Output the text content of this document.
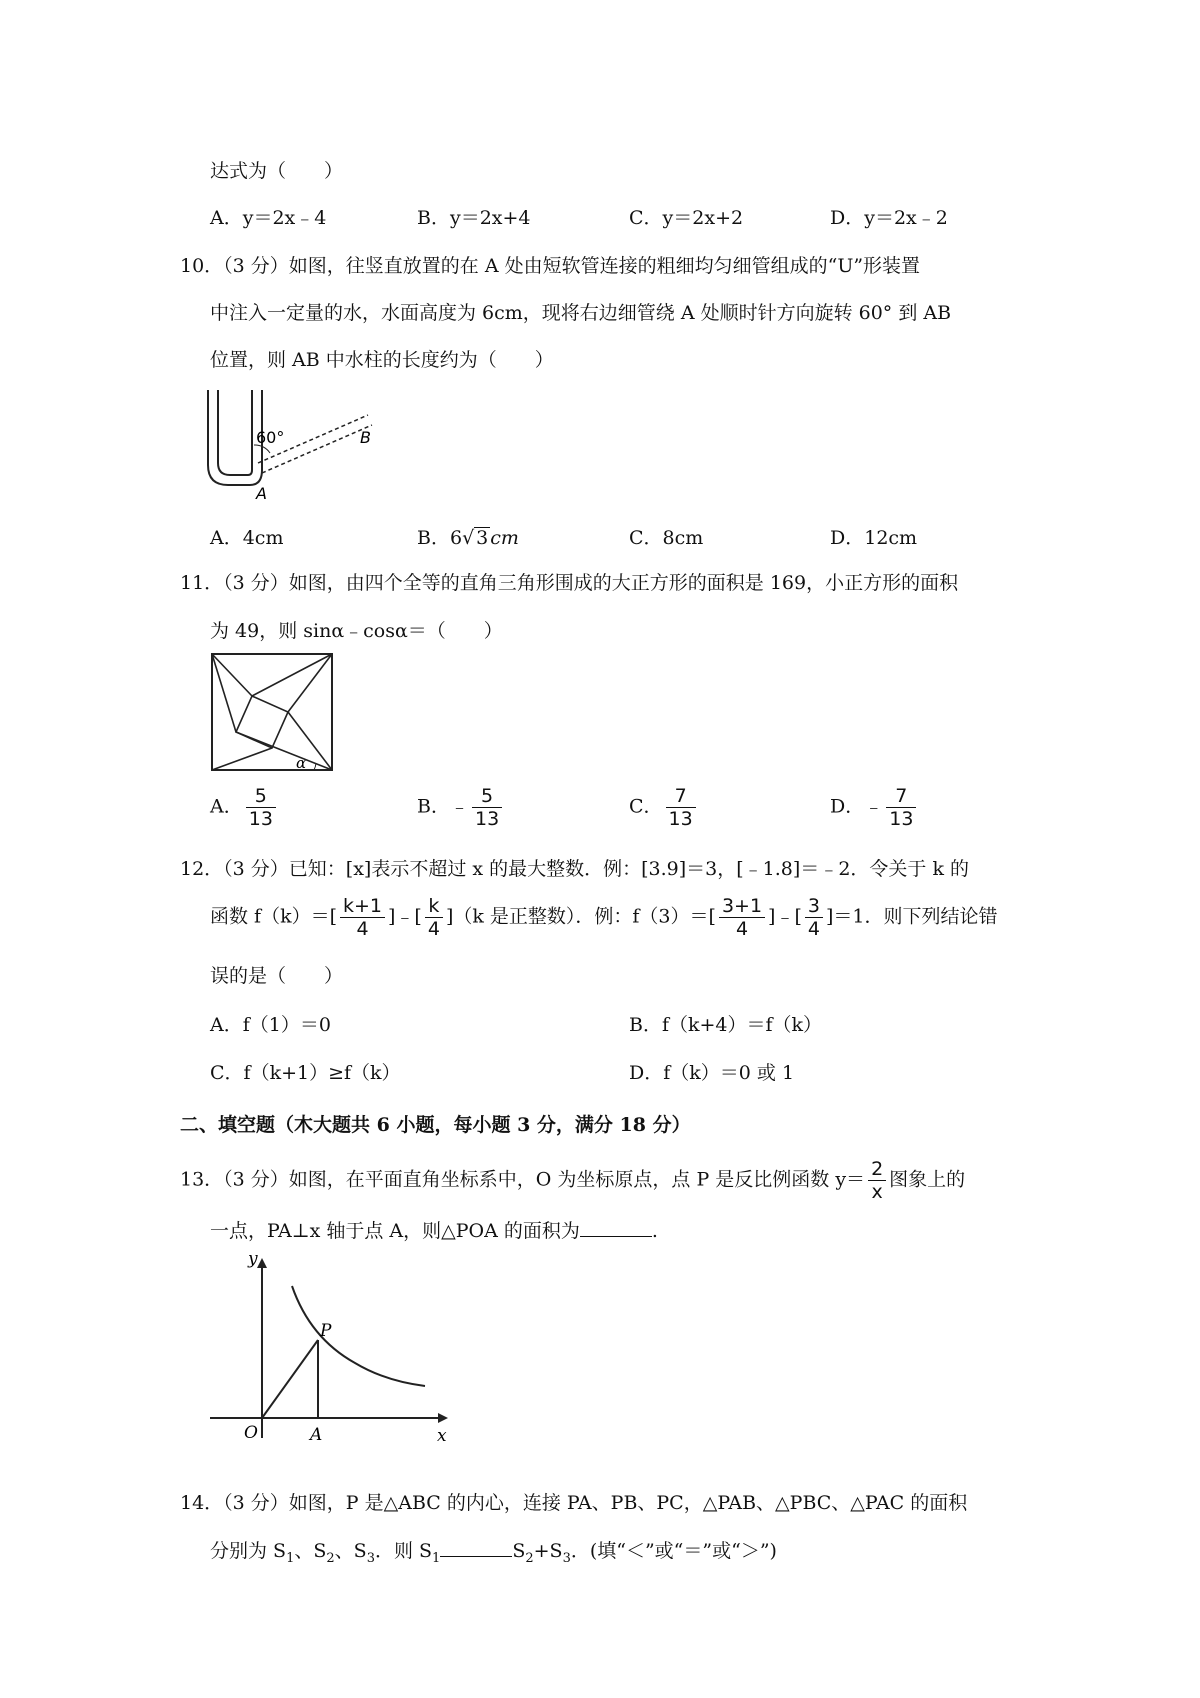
达式为（　　）
A．y＝2x﹣4	B．y＝2x+4	C．y＝2x+2	D．y＝2x﹣2
10．（3 分）如图，往竖直放置的在 A 处由短软管连接的粗细均匀细管组成的“U”形装置
中注入一定量的水，水面高度为 6cm，现将右边细管绕 A 处顺时针方向旋转 60° 到 AB
位置，则 AB 中水柱的长度约为（　　）
60°	B
A
A．4cm	B．6√ 3 cm	C．8cm	D．12cm
11．（3 分）如图，由四个全等的直角三角形围成的大正方形的面积是 169，小正方形的面积
为 49，则 sinα﹣cosα＝（　　）
α
A． $\frac{5}{13}$	B．﹣ $\frac{5}{13}$	C． $\frac{7}{13}$	D．﹣ $\frac{7}{13}$
12．（3 分）已知：[x]表示不超过 x 的最大整数．例：[3.9]＝3，[﹣1.8]＝﹣2．令关于 k 的
函数 $f(k)=[ \frac{k+1}{4}$ ]﹣[ $\frac{k}{4} ](k$ 是正整数）．例：$f(3)=[ \frac{3+1}{4}$ ]﹣[ $\frac{3}{4} ]=1$．则下列结论错
误的是（　　）
A．f（1）＝0	B．f（k+4）＝f（k）
C．f（k+1）≥f（k）	D．f（k）＝0 或 1
二、填空题（木大题共 6 小题，每小题 3 分，满分 18 分）
13．（3 分）如图，在平面直角坐标系中，O 为坐标原点，点 P 是反比例函数 $y= \frac{2}{x}$ 图象上的
一点，PA⊥x 轴于点 A，则△POA 的面积为	.
y
x
O	A
P
14．（3 分）如图，P 是△ABC 的内心，连接 PA、PB、PC，△PAB、△PBC、△PAC 的面积
分别为 $S_1$、$S_2$、$S_3$．则 $S_1$	$S_2+S_3$．(填“＜”或“＝”或“＞”)
